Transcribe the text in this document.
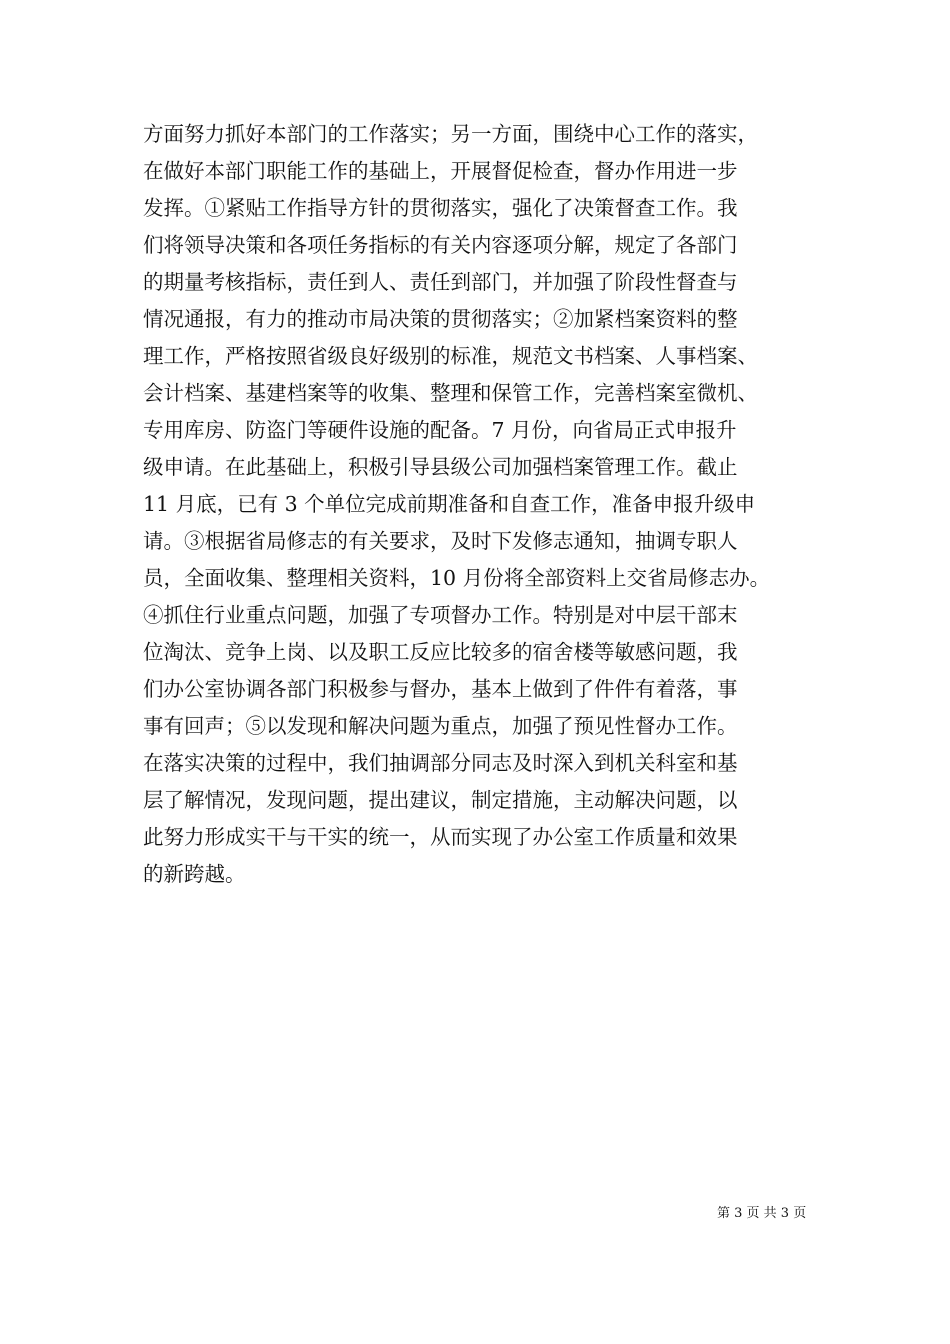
方面努力抓好本部门的工作落实；另一方面，围绕中心工作的落实，
在做好本部门职能工作的基础上，开展督促检查，督办作用进一步
发挥。①紧贴工作指导方针的贯彻落实，强化了决策督查工作。我
们将领导决策和各项任务指标的有关内容逐项分解，规定了各部门
的期量考核指标，责任到人、责任到部门，并加强了阶段性督查与
情况通报，有力的推动市局决策的贯彻落实；②加紧档案资料的整
理工作，严格按照省级良好级别的标准，规范文书档案、人事档案、
会计档案、基建档案等的收集、整理和保管工作，完善档案室微机、
专用库房、防盗门等硬件设施的配备。7 月份，向省局正式申报升
级申请。在此基础上，积极引导县级公司加强档案管理工作。截止
11 月底，已有 3 个单位完成前期准备和自查工作，准备申报升级申
请。③根据省局修志的有关要求，及时下发修志通知，抽调专职人
员，全面收集、整理相关资料，10 月份将全部资料上交省局修志办。
④抓住行业重点问题，加强了专项督办工作。特别是对中层干部末
位淘汰、竞争上岗、以及职工反应比较多的宿舍楼等敏感问题，我
们办公室协调各部门积极参与督办，基本上做到了件件有着落，事
事有回声；⑤以发现和解决问题为重点，加强了预见性督办工作。
在落实决策的过程中，我们抽调部分同志及时深入到机关科室和基
层了解情况，发现问题，提出建议，制定措施，主动解决问题，以
此努力形成实干与干实的统一，从而实现了办公室工作质量和效果
的新跨越。
第 3 页 共 3 页
